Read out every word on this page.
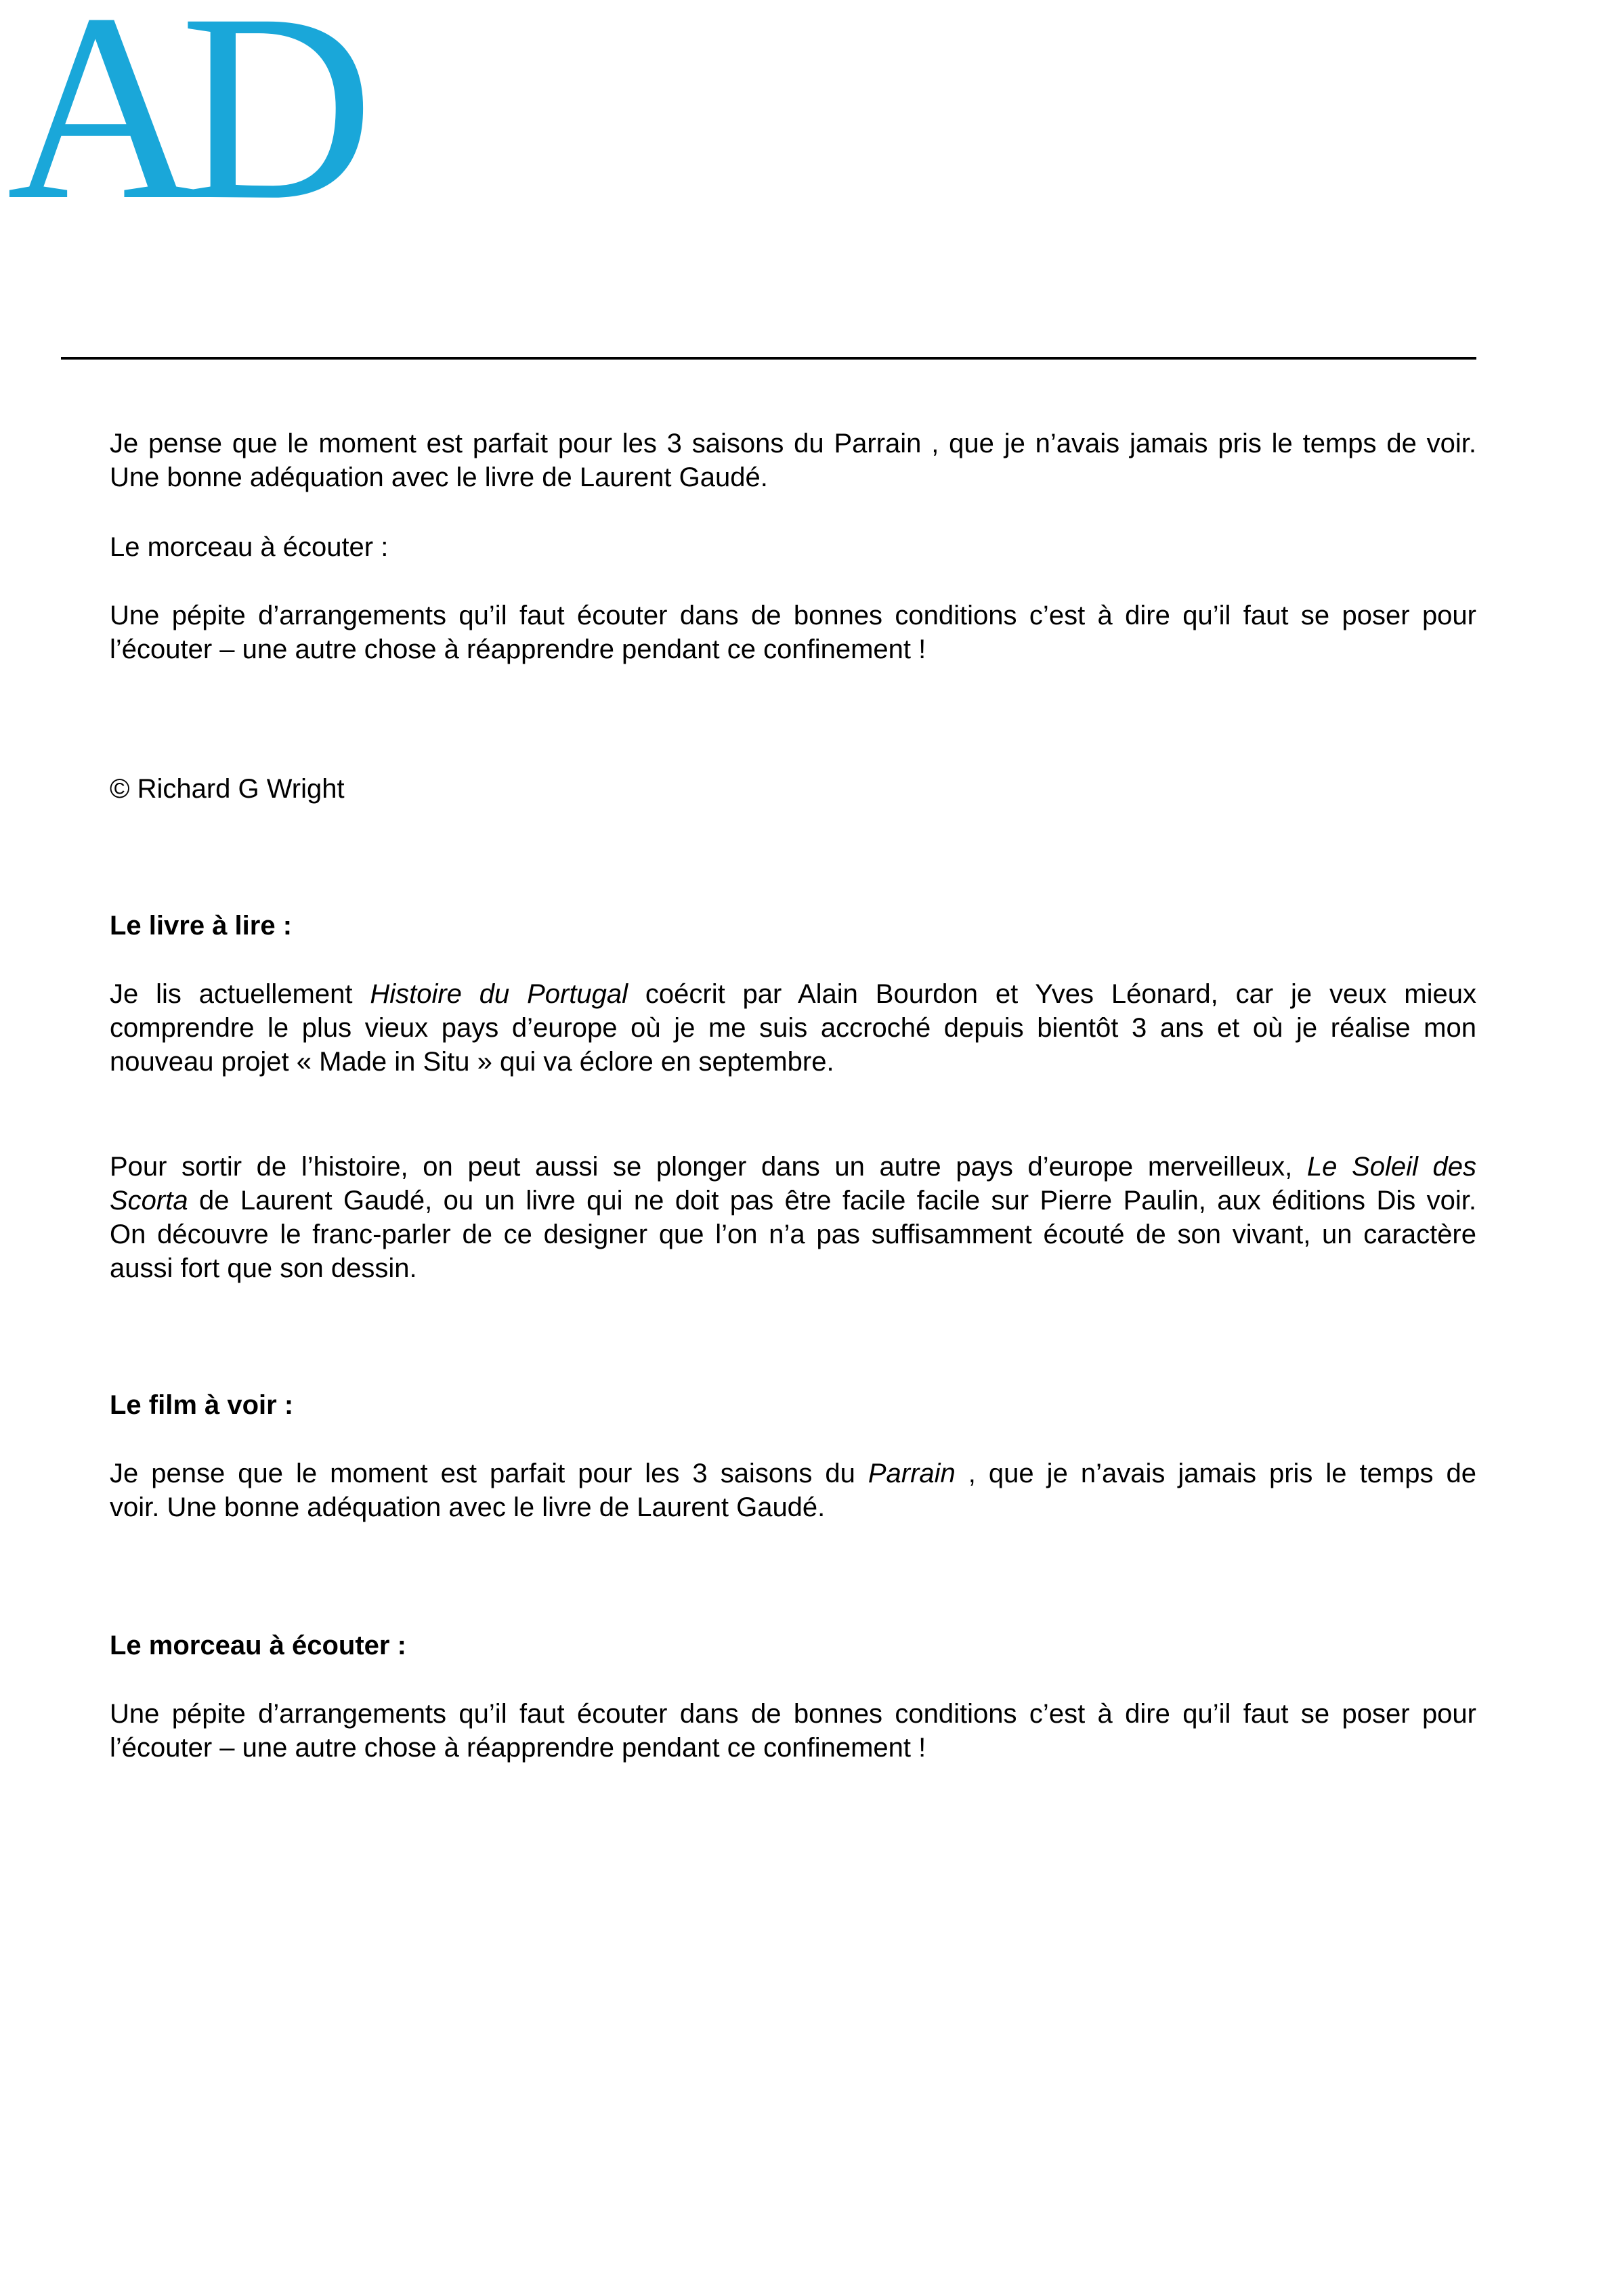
AD

Je pense que le moment est parfait pour les 3 saisons du Parrain , que je n’avais jamais pris le temps de voir.
Une bonne adéquation avec le livre de Laurent Gaudé.

Le morceau à écouter :

Une pépite d’arrangements qu’il faut écouter dans de bonnes conditions c’est à dire qu’il faut se poser pour
l’écouter – une autre chose à réapprendre pendant ce confinement !

© Richard G Wright

Le livre à lire :

Je lis actuellement Histoire du Portugal coécrit par Alain Bourdon et Yves Léonard, car je veux mieux
comprendre le plus vieux pays d’europe où je me suis accroché depuis bientôt 3 ans et où je réalise mon
nouveau projet « Made in Situ » qui va éclore en septembre.

Pour sortir de l’histoire, on peut aussi se plonger dans un autre pays d’europe merveilleux, Le Soleil des
Scorta de Laurent Gaudé, ou un livre qui ne doit pas être facile facile sur Pierre Paulin, aux éditions Dis voir.
On découvre le franc-parler de ce designer que l’on n’a pas suffisamment écouté de son vivant, un caractère
aussi fort que son dessin.

Le film à voir :

Je pense que le moment est parfait pour les 3 saisons du Parrain , que je n’avais jamais pris le temps de
voir. Une bonne adéquation avec le livre de Laurent Gaudé.

Le morceau à écouter :

Une pépite d’arrangements qu’il faut écouter dans de bonnes conditions c’est à dire qu’il faut se poser pour
l’écouter – une autre chose à réapprendre pendant ce confinement !
